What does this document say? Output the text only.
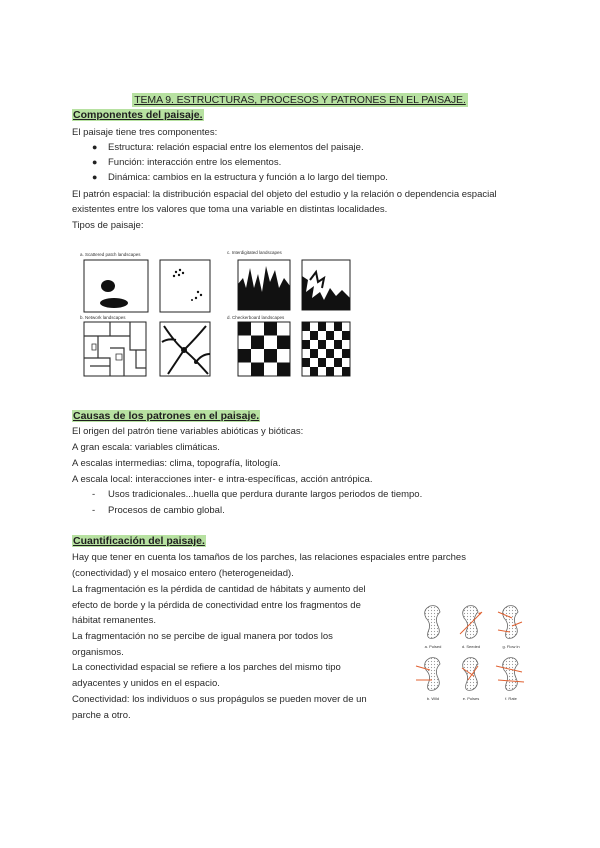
TEMA 9. ESTRUCTURAS, PROCESOS Y PATRONES EN EL PAISAJE.
Componentes del paisaje.
El paisaje tiene tres componentes:
● Estructura: relación espacial entre los elementos del paisaje.
● Función: interacción entre los elementos.
● Dinámica: cambios en la estructura y función a lo largo del tiempo.
El patrón espacial: la distribución espacial del objeto del estudio y la relación o dependencia espacial
existentes entre los valores que toma una variable en distintas localidades.
Tipos de paisaje:
a. Scattered patch landscapes	c. Interdigitated landscapes
b. Network landscapes	d. Checkerboard landscapes
Causas de los patrones en el paisaje.
El origen del patrón tiene variables abióticas y bióticas:
A gran escala: variables climáticas.
A escalas intermedias: clima, topografía, litología.
A escala local: interacciones inter- e intra-específicas, acción antrópica.
- Usos tradicionales...huella que perdura durante largos periodos de tiempo.
- Procesos de cambio global.
Cuantificación del paisaje.
Hay que tener en cuenta los tamaños de los parches, las relaciones espaciales entre parches
(conectividad) y el mosaico entero (heterogeneidad).
La fragmentación es la pérdida de cantidad de hábitats y aumento del
efecto de borde y la pérdida de conectividad entre los fragmentos de
hábitat remanentes.
La fragmentación no se percibe de igual manera por todos los
organismos.
La conectividad espacial se refiere a los parches del mismo tipo
adyacentes y unidos en el espacio.
Conectividad: los individuos o sus propágulos se pueden mover de un
parche a otro.
a. Pulsed	d. Seeded	g. Flow in
b. Wild	e. Pulses	f. Rate
